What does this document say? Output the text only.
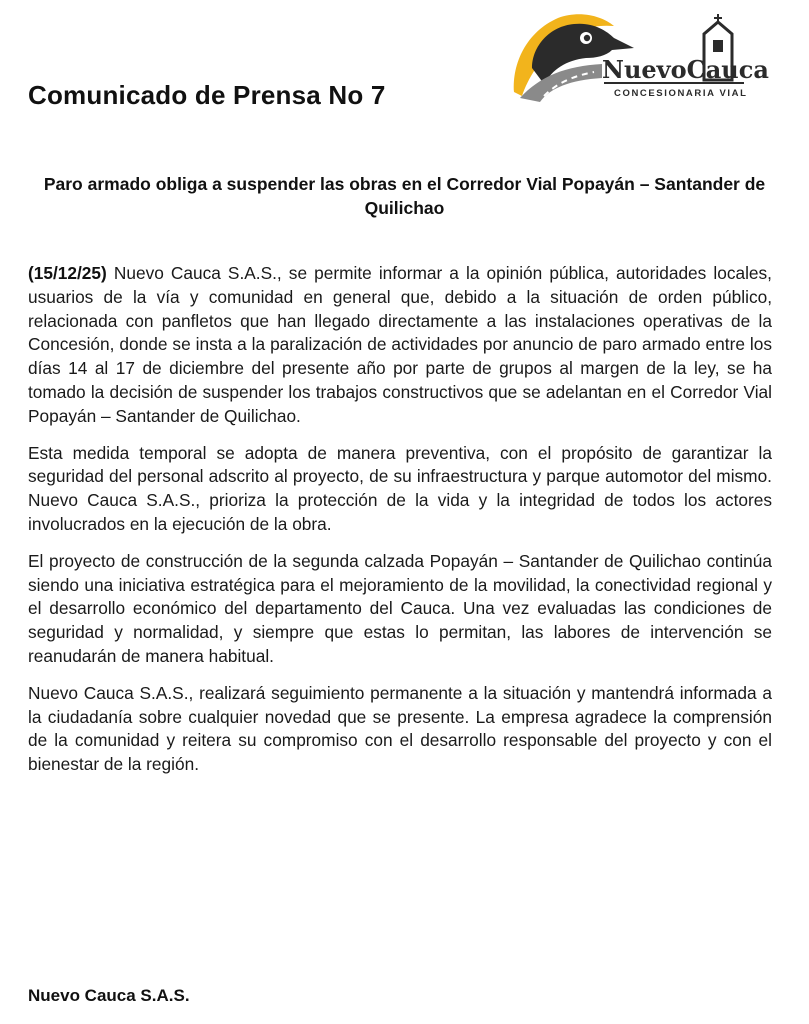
Comunicado de Prensa No 7
NuevoCauca
CONCESIONARIA VIAL
Paro armado obliga a suspender las obras en el Corredor Vial Popayán – Santander de Quilichao

(15/12/25) Nuevo Cauca S.A.S., se permite informar a la opinión pública, autoridades locales, usuarios de la vía y comunidad en general que, debido a la situación de orden público, relacionada con panfletos que han llegado directamente a las instalaciones operativas de la Concesión, donde se insta a la paralización de actividades por anuncio de paro armado entre los días 14 al 17 de diciembre del presente año por parte de grupos al margen de la ley, se ha tomado la decisión de suspender los trabajos constructivos que se adelantan en el Corredor Vial Popayán – Santander de Quilichao.

Esta medida temporal se adopta de manera preventiva, con el propósito de garantizar la seguridad del personal adscrito al proyecto, de su infraestructura y parque automotor del mismo. Nuevo Cauca S.A.S., prioriza la protección de la vida y la integridad de todos los actores involucrados en la ejecución de la obra.

El proyecto de construcción de la segunda calzada Popayán – Santander de Quilichao continúa siendo una iniciativa estratégica para el mejoramiento de la movilidad, la conectividad regional y el desarrollo económico del departamento del Cauca. Una vez evaluadas las condiciones de seguridad y normalidad, y siempre que estas lo permitan, las labores de intervención se reanudarán de manera habitual.

Nuevo Cauca S.A.S., realizará seguimiento permanente a la situación y mantendrá informada a la ciudadanía sobre cualquier novedad que se presente. La empresa agradece la comprensión de la comunidad y reitera su compromiso con el desarrollo responsable del proyecto y con el bienestar de la región.

Nuevo Cauca S.A.S.
